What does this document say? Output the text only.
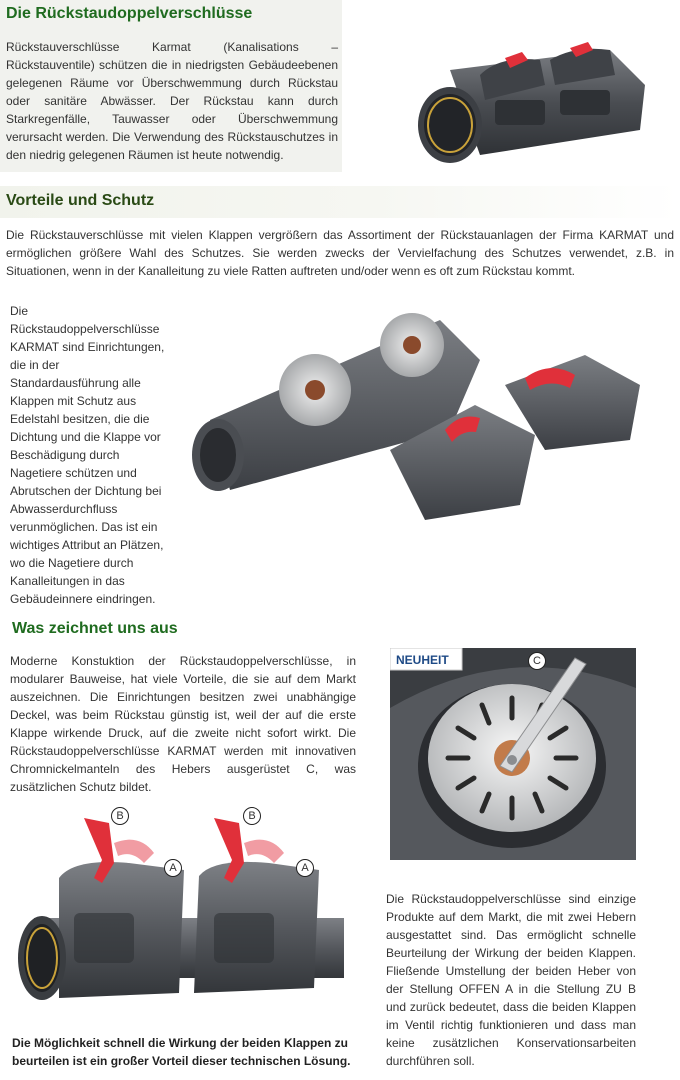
Die Rückstaudoppelverschlüsse

Rückstauverschlüsse Karmat (Kanalisations – Rückstauventile) schützen die in niedrigsten Gebäudeebenen gelegenen Räume vor Überschwemmung durch Rückstau oder sanitäre Abwässer. Der Rückstau kann durch Starkregenfälle, Tauwasser oder Überschwemmung verursacht werden. Die Verwendung des Rückstauschutzes in den niedrig gelegenen Räumen ist heute notwendig.

Vorteile und Schutz

Die Rückstauverschlüsse mit vielen Klappen vergrößern das Assortiment der Rückstauanlagen der Firma KARMAT und ermöglichen größere Wahl des Schutzes. Sie werden zwecks der Vervielfachung des Schutzes verwendet, z.B. in Situationen, wenn in der Kanalleitung zu viele Ratten auftreten und/oder wenn es oft zum Rückstau kommt.

Die Rückstaudoppelverschlüsse KARMAT sind Einrichtungen, die in der Standardausführung alle Klappen mit Schutz aus Edelstahl besitzen, die die Dichtung und die Klappe vor Beschädigung durch Nagetiere schützen und Abrutschen der Dichtung bei Abwasserdurchfluss verunmöglichen. Das ist ein wichtiges Attribut an Plätzen, wo die Nagetiere durch Kanalleitungen in das Gebäudeinnere eindringen.

Was zeichnet uns aus

Moderne Konstuktion der Rückstaudoppelverschlüsse, in modularer Bauweise, hat viele Vorteile, die sie auf dem Markt auszeichnen. Die Einrichtungen besitzen zwei unabhängige Deckel, was beim Rückstau günstig ist, weil der auf die erste Klappe wirkende Druck, auf die zweite nicht sofort wirkt. Die Rückstaudoppelverschlüsse KARMAT werden mit innovativen Chromnickelmanteln des Hebers ausgerüstet C, was zusätzlichen Schutz bildet.

NEUHEIT	C
B	B
A	A

Die Möglichkeit schnell die Wirkung der beiden Klappen zu beurteilen ist ein großer Vorteil dieser technischen Lösung.

Die Rückstaudoppelverschlüsse sind einzige Produkte auf dem Markt, die mit zwei Hebern ausgestattet sind. Das ermöglicht schnelle Beurteilung der Wirkung der beiden Klappen. Fließende Umstellung der beiden Heber von der Stellung OFFEN A in die Stellung ZU B und zurück bedeutet, dass die beiden Klappen im Ventil richtig funktionieren und dass man keine zusätzlichen Konservationsarbeiten durchführen soll.
